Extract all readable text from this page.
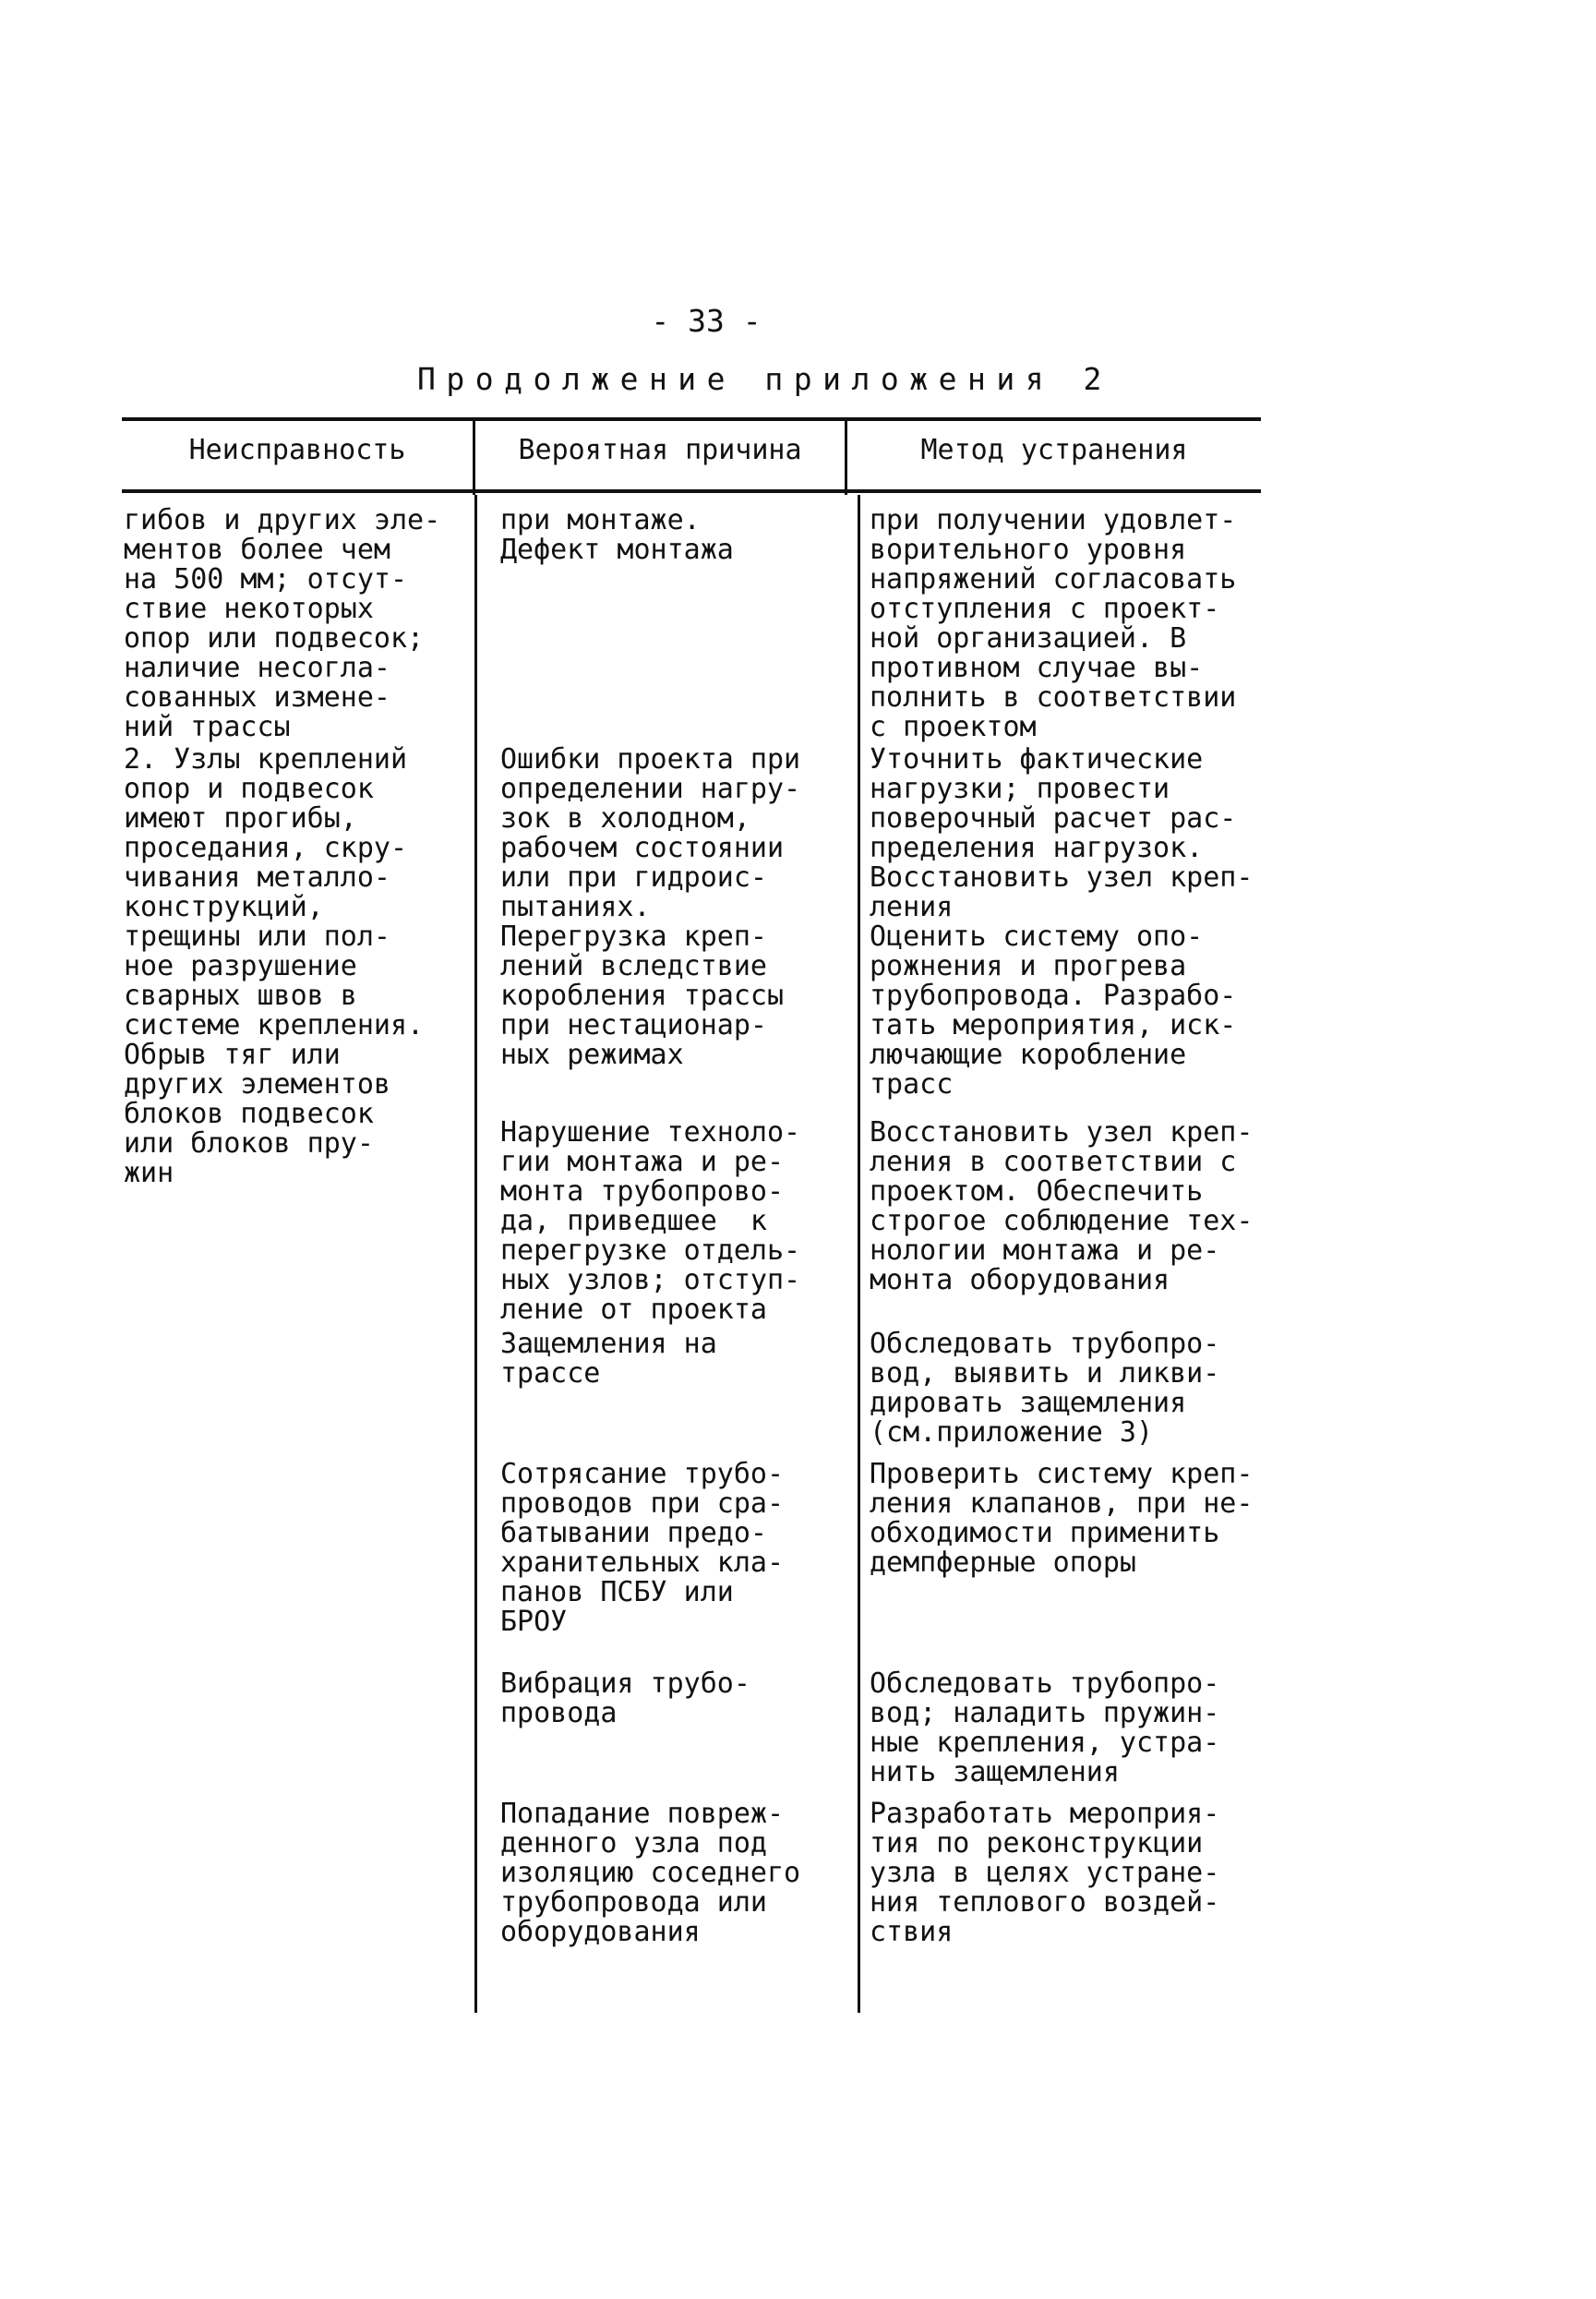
- 33 -
Продолжение приложения 2
Неисправность	Вероятная причина	Метод устранения
гибов и других эле-
ментов более чем
на 500 мм; отсут-
ствие некоторых
опор или подвесок;
наличие несогла-
сованных измене-
ний трассы
2. Узлы креплений
опор и подвесок
имеют прогибы,
проседания, скру-
чивания металло-
конструкций,
трещины или пол-
ное разрушение
сварных швов в
системе крепления.
Обрыв тяг или
других элементов
блоков подвесок
или блоков пру-
жин
при монтаже.
Дефект монтажа
Ошибки проекта при
определении нагру-
зок в холодном,
рабочем состоянии
или при гидроис-
пытаниях.
Перегрузка креп-
лений вследствие
коробления трассы
при нестационар-
ных режимах
Нарушение техноло-
гии монтажа и ре-
монта трубопрово-
да, приведшее  к
перегрузке отдель-
ных узлов; отступ-
ление от проекта
Защемления на
трассе
Сотрясание трубо-
проводов при сра-
батывании предо-
хранительных кла-
панов ПСБУ или
БРОУ
Вибрация трубо-
провода
Попадание повреж-
денного узла под
изоляцию соседнего
трубопровода или
оборудования
при получении удовлет-
ворительного уровня
напряжений согласовать
отступления с проект-
ной организацией. В
противном случае вы-
полнить в соответствии
с проектом
Уточнить фактические
нагрузки; провести
поверочный расчет рас-
пределения нагрузок.
Восстановить узел креп-
ления
Оценить систему опо-
рожнения и прогрева
трубопровода. Разрабо-
тать мероприятия, иск-
лючающие коробление
трасс
Восстановить узел креп-
ления в соответствии с
проектом. Обеспечить
строгое соблюдение тех-
нологии монтажа и ре-
монта оборудования
Обследовать трубопро-
вод, выявить и ликви-
дировать защемления
(см.приложение 3)
Проверить систему креп-
ления клапанов, при не-
обходимости применить
демпферные опоры
Обследовать трубопро-
вод; наладить пружин-
ные крепления, устра-
нить защемления
Разработать мероприя-
тия по реконструкции
узла в целях устране-
ния теплового воздей-
ствия
